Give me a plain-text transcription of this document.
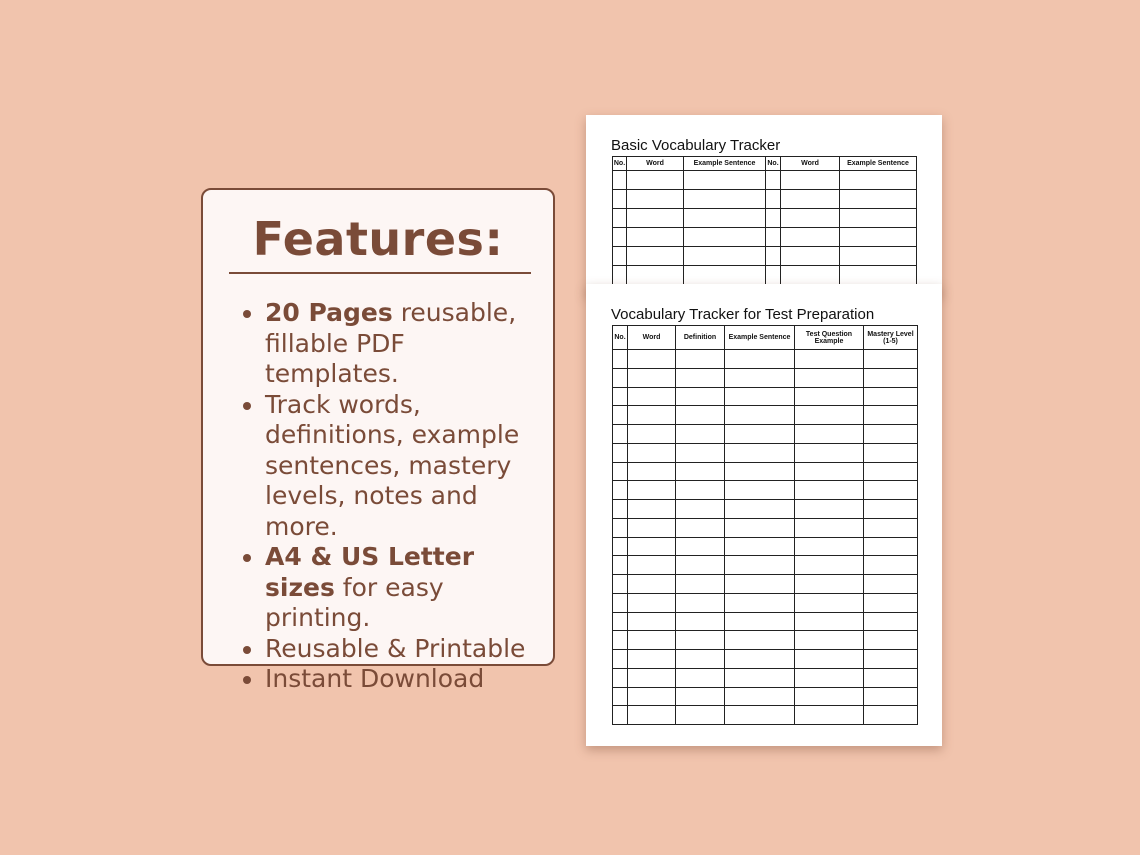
Features:
20 Pages reusable, fillable PDF templates.
Track words, definitions, example sentences, mastery levels, notes and more.
A4 & US Letter sizes for easy printing.
Reusable & Printable
Instant Download
Basic Vocabulary Tracker
No.	Word	Example Sentence	No.	Word	Example Sentence

Vocabulary Tracker for Test Preparation
No.	Word	Definition	Example Sentence	Test Question Example	Mastery Level (1-5)
